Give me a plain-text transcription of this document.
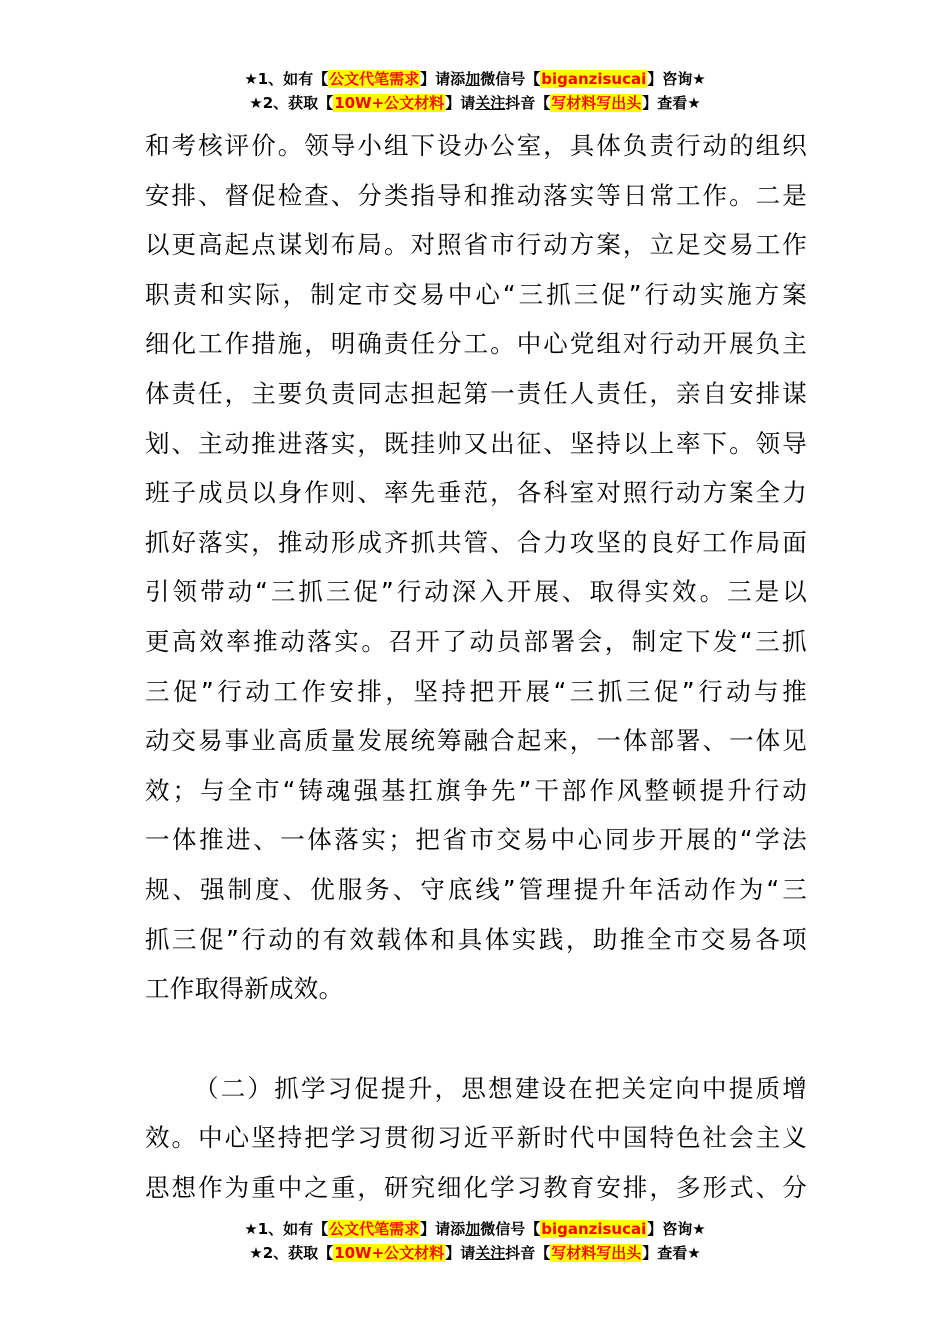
★1、如有【公文代笔需求】请添加微信号【biganzisucai】咨询★
★2、获取【10W+公文材料】请关注抖音【写材料写出头】查看★
和考核评价。领导小组下设办公室，具体负责行动的组织
安排、督促检查、分类指导和推动落实等日常工作。二是
以更高起点谋划布局。对照省市行动方案，立足交易工作
职责和实际，制定市交易中心“三抓三促”行动实施方案
细化工作措施，明确责任分工。中心党组对行动开展负主
体责任，主要负责同志担起第一责任人责任，亲自安排谋
划、主动推进落实，既挂帅又出征、坚持以上率下。领导
班子成员以身作则、率先垂范，各科室对照行动方案全力
抓好落实，推动形成齐抓共管、合力攻坚的良好工作局面
引领带动“三抓三促”行动深入开展、取得实效。三是以
更高效率推动落实。召开了动员部署会，制定下发“三抓
三促”行动工作安排，坚持把开展“三抓三促”行动与推
动交易事业高质量发展统筹融合起来，一体部署、一体见
效；与全市“铸魂强基扛旗争先”干部作风整顿提升行动
一体推进、一体落实；把省市交易中心同步开展的“学法
规、强制度、优服务、守底线”管理提升年活动作为“三
抓三促”行动的有效载体和具体实践，助推全市交易各项
工作取得新成效。
（二）抓学习促提升，思想建设在把关定向中提质增
效。中心坚持把学习贯彻习近平新时代中国特色社会主义
思想作为重中之重，研究细化学习教育安排，多形式、分
★1、如有【公文代笔需求】请添加微信号【biganzisucai】咨询★
★2、获取【10W+公文材料】请关注抖音【写材料写出头】查看★
